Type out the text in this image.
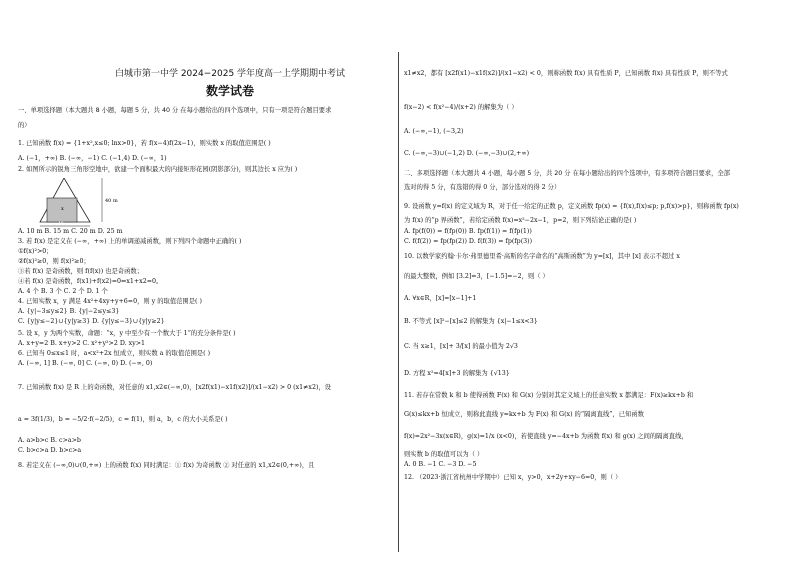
白城市第一中学 2024−2025 学年度高一上学期期中考试
数学试卷
一、单项选择题（本大题共 8 小题，每题 5 分，共 40 分 在每小题给出的四个选项中，只有一项是符合题目要求
的）
1. 已知函数 f(x) = {1+x²,x≤0; lnx>0}，若 f(x−4)f(2x−1)，则实数 x 的取值范围是( )
A. (−1，+∞) B. (−∞，−1) C. (−1,4) D. (−∞，1)
2. 如图所示的锐角三角形空地中，欲建一个面积最大的内接矩形花园(阴影部分)，则其边长 x 应为( )
x
40 m
40 m
A. 10 m B. 15 m C. 20 m D. 25 m
3. 若 f(x) 是定义在 (−∞，+∞) 上的单调递减函数，则下列四个命题中正确的( )
①f(x)²>0；
②f(x)²≥0，则 f(x)²≥0；
③若 f(x) 是奇函数，则 f(f(x)) 也是奇函数；
④若 f(x) 是奇函数，f(x1)+f(x2)=0⇔x1+x2=0。
A. 4 个 B. 3 个 C. 2 个 D. 1 个
4. 已知实数 x，y 满足 4x²+4xy+y+6=0，则 y 的取值范围是( )
A. {y|−3≤y≤2} B. {y|−2≤y≤3}
C. {y|y≤−2}∪{y|y≥3} D. {y|y≤−3}∪{y|y≥2}
5. 设 x，y 为两个实数，命题：“x，y 中至少有一个数大于 1”的充分条件是( )
A. x+y=2 B. x+y>2 C. x²+y²>2 D. xy>1
6. 已知当 0≤x≤1 时，a<x²+2x 恒成立，则实数 a 的取值范围是( )
A. (−∞, 1] B. (−∞, 0] C. (−∞, 0) D. (−∞, 0)
7. 已知函数 f(x) 是 R 上的奇函数，对任意的 x1,x2∈(−∞,0)，[x2f(x1)−x1f(x2)]/(x1−x2) > 0 (x1≠x2)，设
a = 3f(1/3)，b = −5/2·f(−2/5)，c = f(1)，则 a，b，c 的大小关系是( )
A. a>b>c B. c>a>b
C. b>c>a D. b>c>a
8. 若定义在 (−∞,0)∪(0,+∞) 上的函数 f(x) 同时满足：① f(x) 为奇函数 ② 对任意的 x1,x2∈(0,+∞)，且
x1≠x2，都有 [x2f(x1)−x1f(x2)]/(x1−x2) < 0，则称函数 f(x) 具有性质 P，已知函数 f(x) 具有性质 P，则不等式
f(x−2) < f(x²−4)/(x+2) 的解集为（ ）
A. (−∞,−1), (−3,2)
C. (−∞,−3)∪(−1,2) D. (−∞,−3)∪(2,+∞)
二、多项选择题（本大题共 4 小题，每小题 5 分，共 20 分 在每小题给出的四个选项中，有多项符合题目要求，全部
选对的得 5 分，有选错的得 0 分，部分选对的得 2 分）
9. 设函数 y=f(x) 的定义域为 R，对于任一给定的正数 p，定义函数 fp(x) = {f(x),f(x)≤p; p,f(x)>p}，则称函数 fp(x)
为 f(x) 的“p 界函数”，若给定函数 f(x)=x²−2x−1，p=2，则下列结论正确的是( )
A. fp(f(0)) = f(fp(0)) B. fp(f(1)) = f(fp(1))
C. f(f(2)) = fp(fp(2)) D. f(f(3)) = fp(fp(3))
10. 以数学家约翰·卡尔·弗里德里希·高斯的名字命名的“高斯函数”为 y=[x]，其中 [x] 表示不超过 x
的最大整数，例如 [3.2]=3，[−1.5]=−2，则（ ）
A. ∀x∈R，[x]=[x−1]+1
B. 不等式 [x]²−[x]≤2 的解集为 {x|−1≤x<3}
C. 当 x≥1，[x]+ 3/[x] 的最小值为 2√3
D. 方程 x²=4[x]+3 的解集为 {√13}
11. 若存在常数 k 和 b 使得函数 F(x) 和 G(x) 分别对其定义域上的任意实数 x 都满足：F(x)≥kx+b 和
G(x)≤kx+b 恒成立，则称此直线 y=kx+b 为 F(x) 和 G(x) 的“隔离直线”，已知函数
f(x)=2x²−3x(x∈R)，g(x)=1/x (x<0)，若使直线 y=−4x+b 为函数 f(x) 和 g(x) 之间的隔离直线，
则实数 b 的取值可以为（ ）
A. 0 B. −1 C. −3 D. −5
12. （2023·浙江省杭州中学期中）已知 x，y>0，x+2y+xy−6=0，则（ ）
